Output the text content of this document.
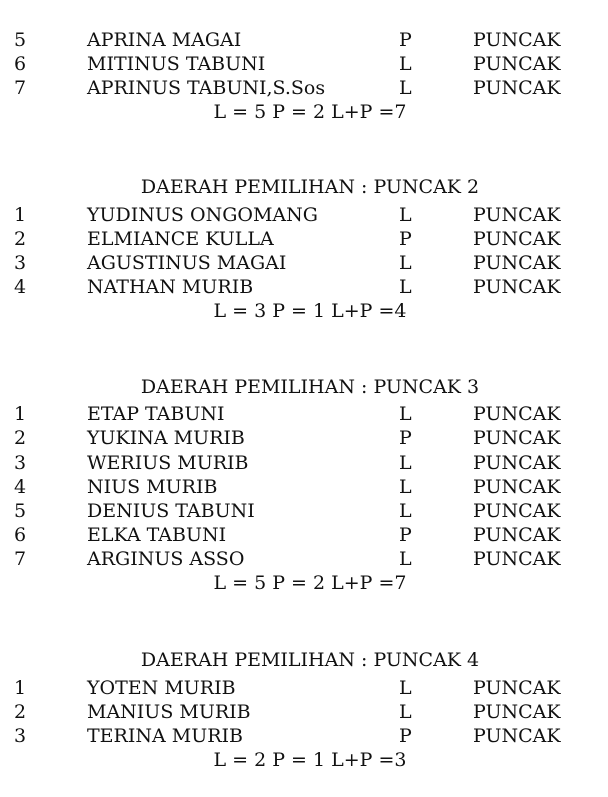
5	APRINA MAGAI	P	PUNCAK
6	MITINUS TABUNI	L	PUNCAK
7	APRINUS TABUNI,S.Sos	L	PUNCAK
L = 5 P = 2 L+P =7
DAERAH PEMILIHAN : PUNCAK 2
1	YUDINUS ONGOMANG	L	PUNCAK
2	ELMIANCE KULLA	P	PUNCAK
3	AGUSTINUS MAGAI	L	PUNCAK
4	NATHAN MURIB	L	PUNCAK
L = 3 P = 1 L+P =4
DAERAH PEMILIHAN : PUNCAK 3
1	ETAP TABUNI	L	PUNCAK
2	YUKINA MURIB	P	PUNCAK
3	WERIUS MURIB	L	PUNCAK
4	NIUS MURIB	L	PUNCAK
5	DENIUS TABUNI	L	PUNCAK
6	ELKA TABUNI	P	PUNCAK
7	ARGINUS ASSO	L	PUNCAK
L = 5 P = 2 L+P =7
DAERAH PEMILIHAN : PUNCAK 4
1	YOTEN MURIB	L	PUNCAK
2	MANIUS MURIB	L	PUNCAK
3	TERINA MURIB	P	PUNCAK
L = 2 P = 1 L+P =3
